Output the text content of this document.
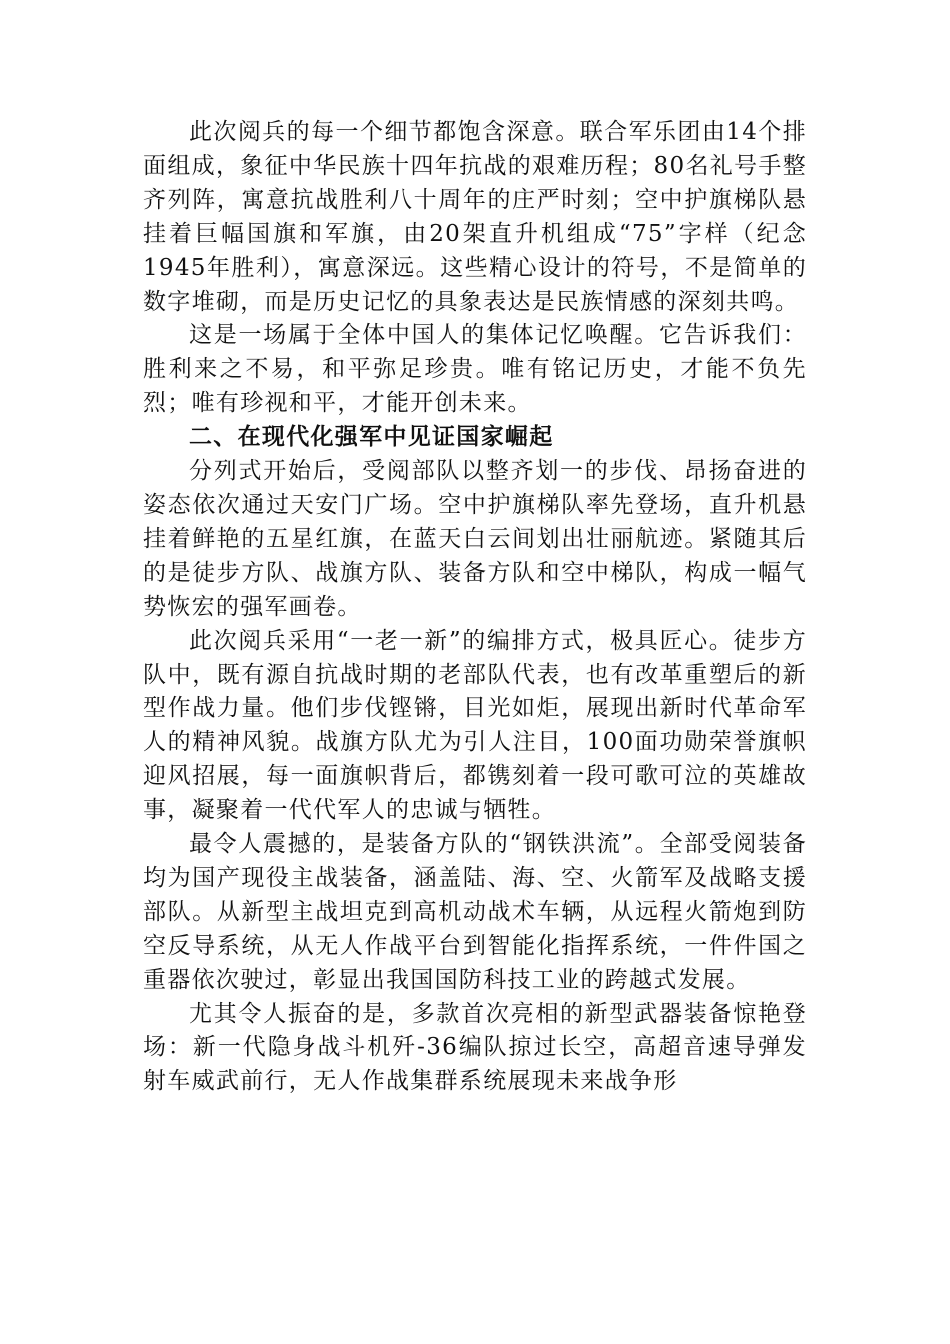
此次阅兵的每一个细节都饱含深意。联合军乐团由14个排面组成，象征中华民族十四年抗战的艰难历程；80名礼号手整齐列阵，寓意抗战胜利八十周年的庄严时刻；空中护旗梯队悬挂着巨幅国旗和军旗，由20架直升机组成“75”字样（纪念1945年胜利），寓意深远。这些精心设计的符号，不是简单的数字堆砌，而是历史记忆的具象表达是民族情感的深刻共鸣。

这是一场属于全体中国人的集体记忆唤醒。它告诉我们：胜利来之不易，和平弥足珍贵。唯有铭记历史，才能不负先烈；唯有珍视和平，才能开创未来。

二、在现代化强军中见证国家崛起

分列式开始后，受阅部队以整齐划一的步伐、昂扬奋进的姿态依次通过天安门广场。空中护旗梯队率先登场，直升机悬挂着鲜艳的五星红旗，在蓝天白云间划出壮丽航迹。紧随其后的是徒步方队、战旗方队、装备方队和空中梯队，构成一幅气势恢宏的强军画卷。

此次阅兵采用“一老一新”的编排方式，极具匠心。徒步方队中，既有源自抗战时期的老部队代表，也有改革重塑后的新型作战力量。他们步伐铿锵，目光如炬，展现出新时代革命军人的精神风貌。战旗方队尤为引人注目，100面功勋荣誉旗帜迎风招展，每一面旗帜背后，都镌刻着一段可歌可泣的英雄故事，凝聚着一代代军人的忠诚与牺牲。

最令人震撼的，是装备方队的“钢铁洪流”。全部受阅装备均为国产现役主战装备，涵盖陆、海、空、火箭军及战略支援部队。从新型主战坦克到高机动战术车辆，从远程火箭炮到防空反导系统，从无人作战平台到智能化指挥系统，一件件国之重器依次驶过，彰显出我国国防科技工业的跨越式发展。

尤其令人振奋的是，多款首次亮相的新型武器装备惊艳登场：新一代隐身战斗机歼-36编队掠过长空，高超音速导弹发射车威武前行，无人作战集群系统展现未来战争形
